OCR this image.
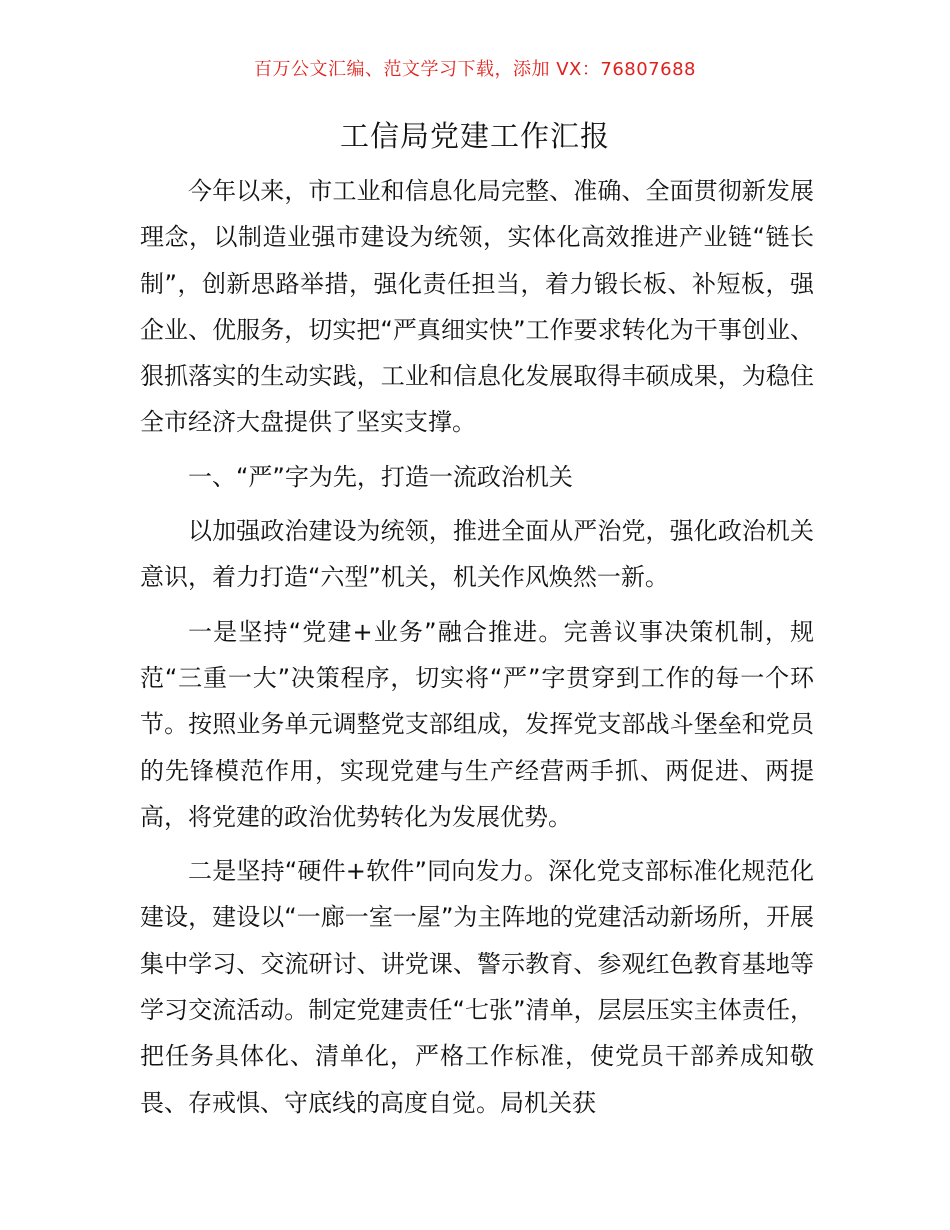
百万公文汇编、范文学习下载，添加 VX：76807688
工信局党建工作汇报

今年以来，市工业和信息化局完整、准确、全面贯彻新发展理念，以制造业强市建设为统领，实体化高效推进产业链“链长制”，创新思路举措，强化责任担当，着力锻长板、补短板，强企业、优服务，切实把“严真细实快”工作要求转化为干事创业、狠抓落实的生动实践，工业和信息化发展取得丰硕成果，为稳住全市经济大盘提供了坚实支撑。

一、“严”字为先，打造一流政治机关

以加强政治建设为统领，推进全面从严治党，强化政治机关意识，着力打造“六型”机关，机关作风焕然一新。

一是坚持“党建+业务”融合推进。完善议事决策机制，规范“三重一大”决策程序，切实将“严”字贯穿到工作的每一个环节。按照业务单元调整党支部组成，发挥党支部战斗堡垒和党员的先锋模范作用，实现党建与生产经营两手抓、两促进、两提高，将党建的政治优势转化为发展优势。

二是坚持“硬件+软件”同向发力。深化党支部标准化规范化建设，建设以“一廊一室一屋”为主阵地的党建活动新场所，开展集中学习、交流研讨、讲党课、警示教育、参观红色教育基地等学习交流活动。制定党建责任“七张”清单，层层压实主体责任，把任务具体化、清单化，严格工作标准，使党员干部养成知敬畏、存戒惧、守底线的高度自觉。局机关获
